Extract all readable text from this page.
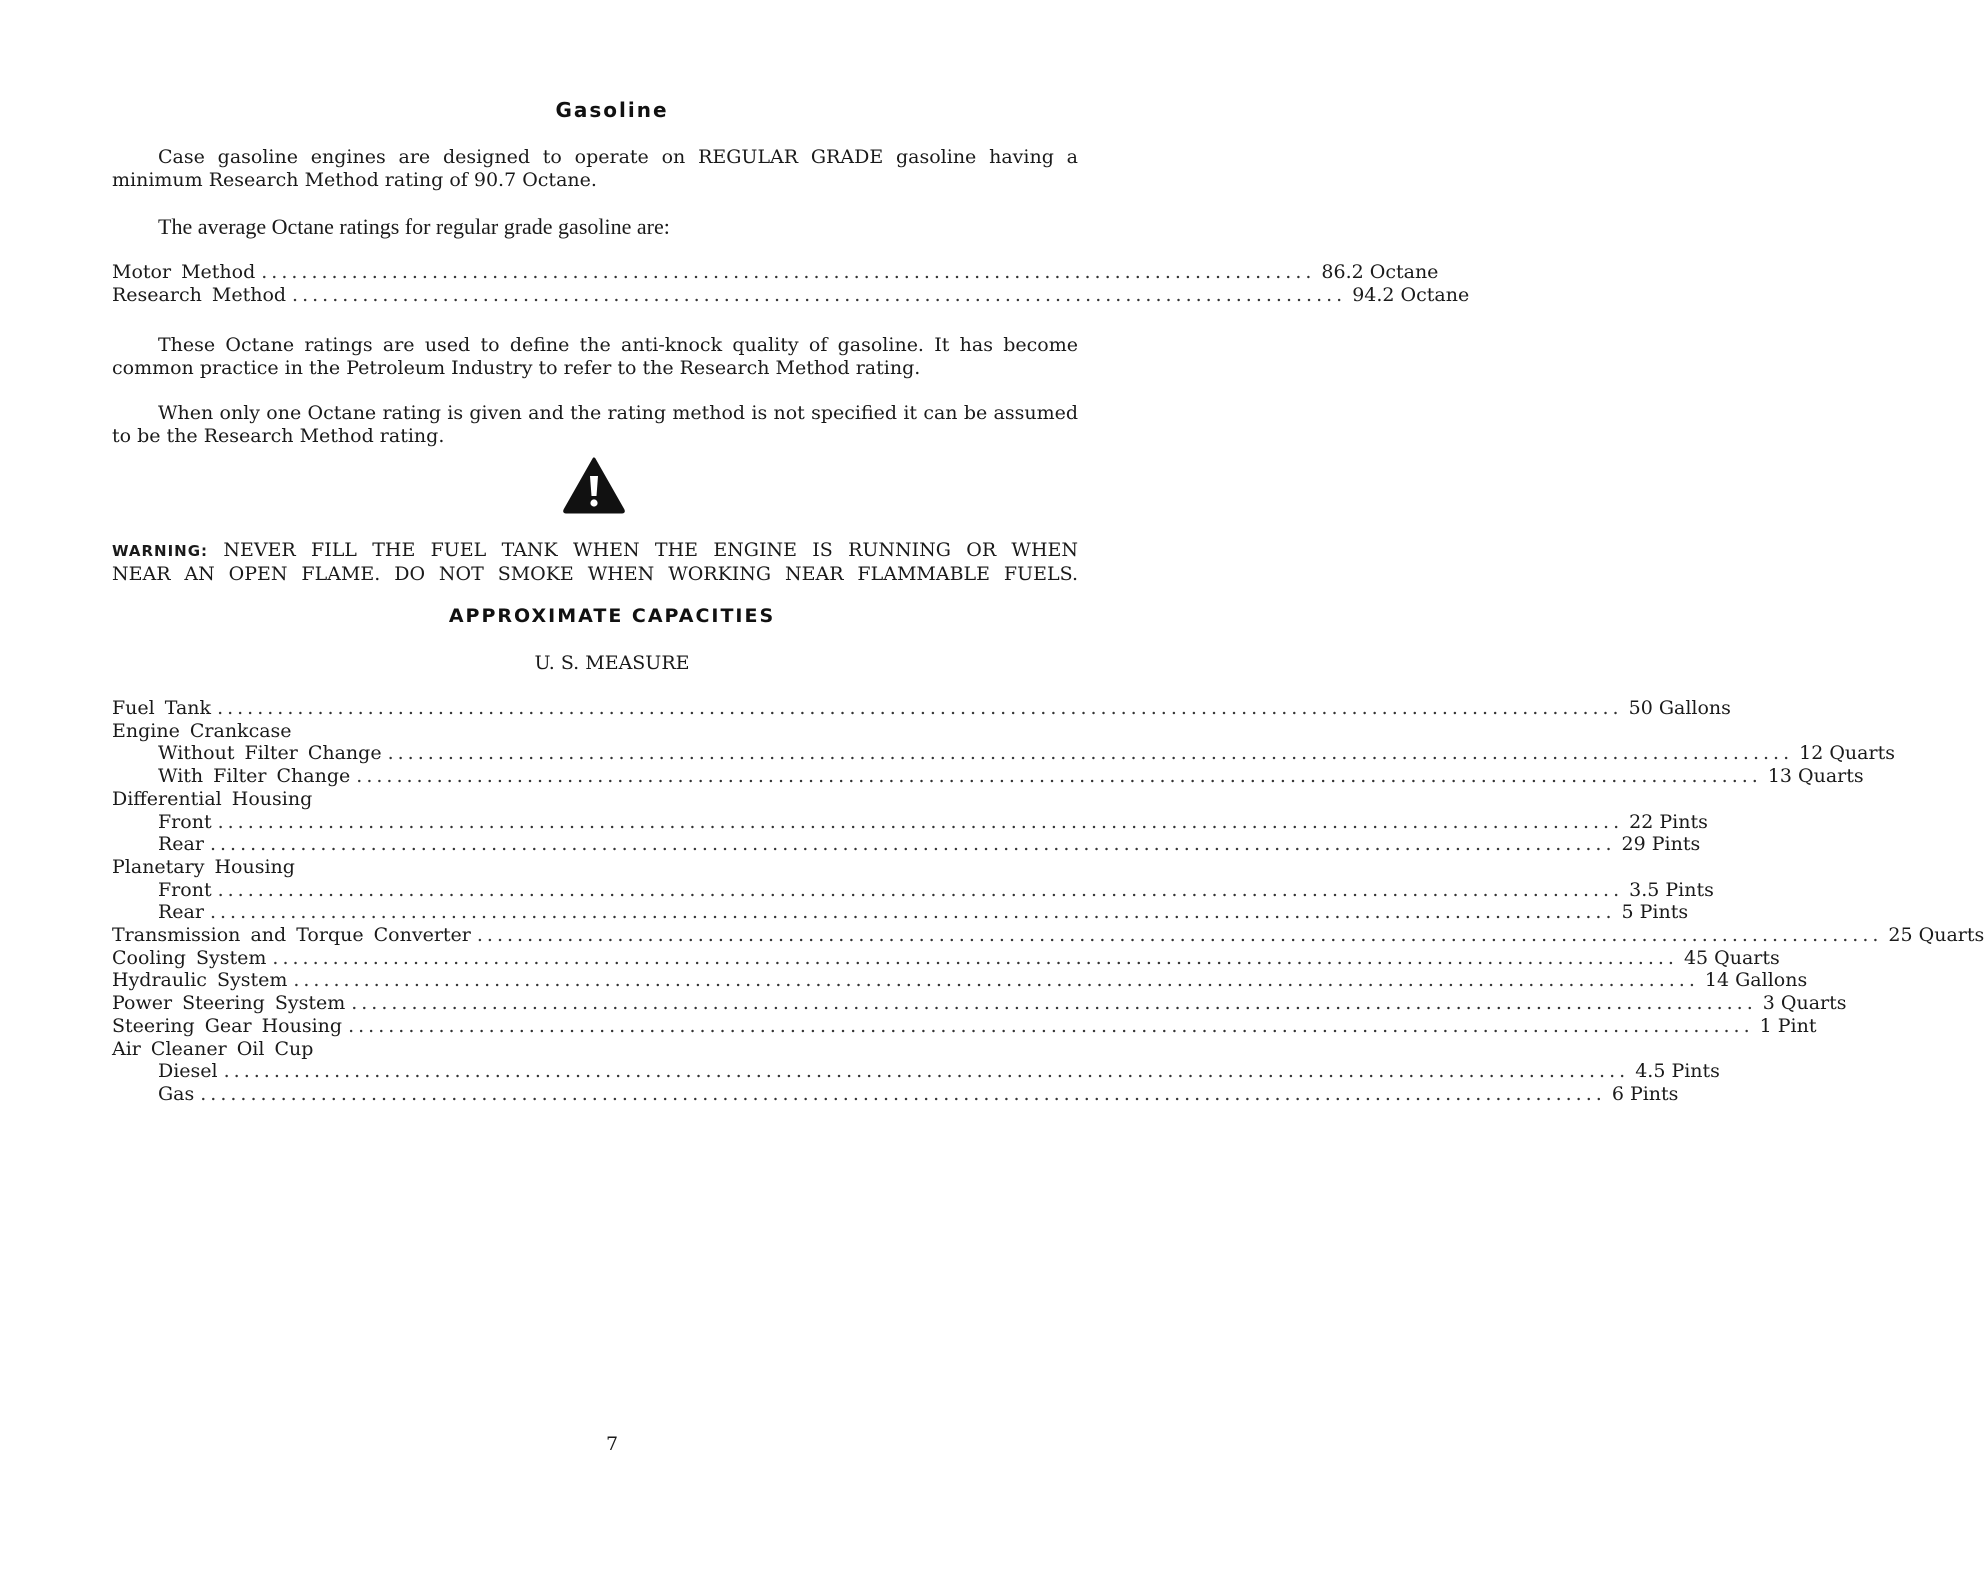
Gasoline
Case gasoline engines are designed to operate on REGULAR GRADE gasoline having a minimum Research Method rating of 90.7 Octane.
The average Octane ratings for regular grade gasoline are:
Motor Method ......................................................................................................... 86.2 Octane
Research Method ......................................................................................................... 94.2 Octane
These Octane ratings are used to define the anti-knock quality of gasoline. It has become common practice in the Petroleum Industry to refer to the Research Method rating.
When only one Octane rating is given and the rating method is not specified it can be assumed to be the Research Method rating.
WARNING: NEVER FILL THE FUEL TANK WHEN THE ENGINE IS RUNNING OR WHEN
NEAR AN OPEN FLAME. DO NOT SMOKE WHEN WORKING NEAR FLAMMABLE FUELS.
APPROXIMATE CAPACITIES
U. S. MEASURE
Fuel Tank ............................................................................................................................................ 50 Gallons
Engine Crankcase
Without Filter Change ............................................................................................................................................ 12 Quarts
With Filter Change ............................................................................................................................................ 13 Quarts
Differential Housing
Front ............................................................................................................................................ 22 Pints
Rear ............................................................................................................................................ 29 Pints
Planetary Housing
Front ............................................................................................................................................ 3.5 Pints
Rear ............................................................................................................................................ 5 Pints
Transmission and Torque Converter ............................................................................................................................................ 25 Quarts
Cooling System ............................................................................................................................................ 45 Quarts
Hydraulic System ............................................................................................................................................ 14 Gallons
Power Steering System ............................................................................................................................................ 3 Quarts
Steering Gear Housing ............................................................................................................................................ 1 Pint
Air Cleaner Oil Cup
Diesel ............................................................................................................................................ 4.5 Pints
Gas ............................................................................................................................................ 6 Pints
7
